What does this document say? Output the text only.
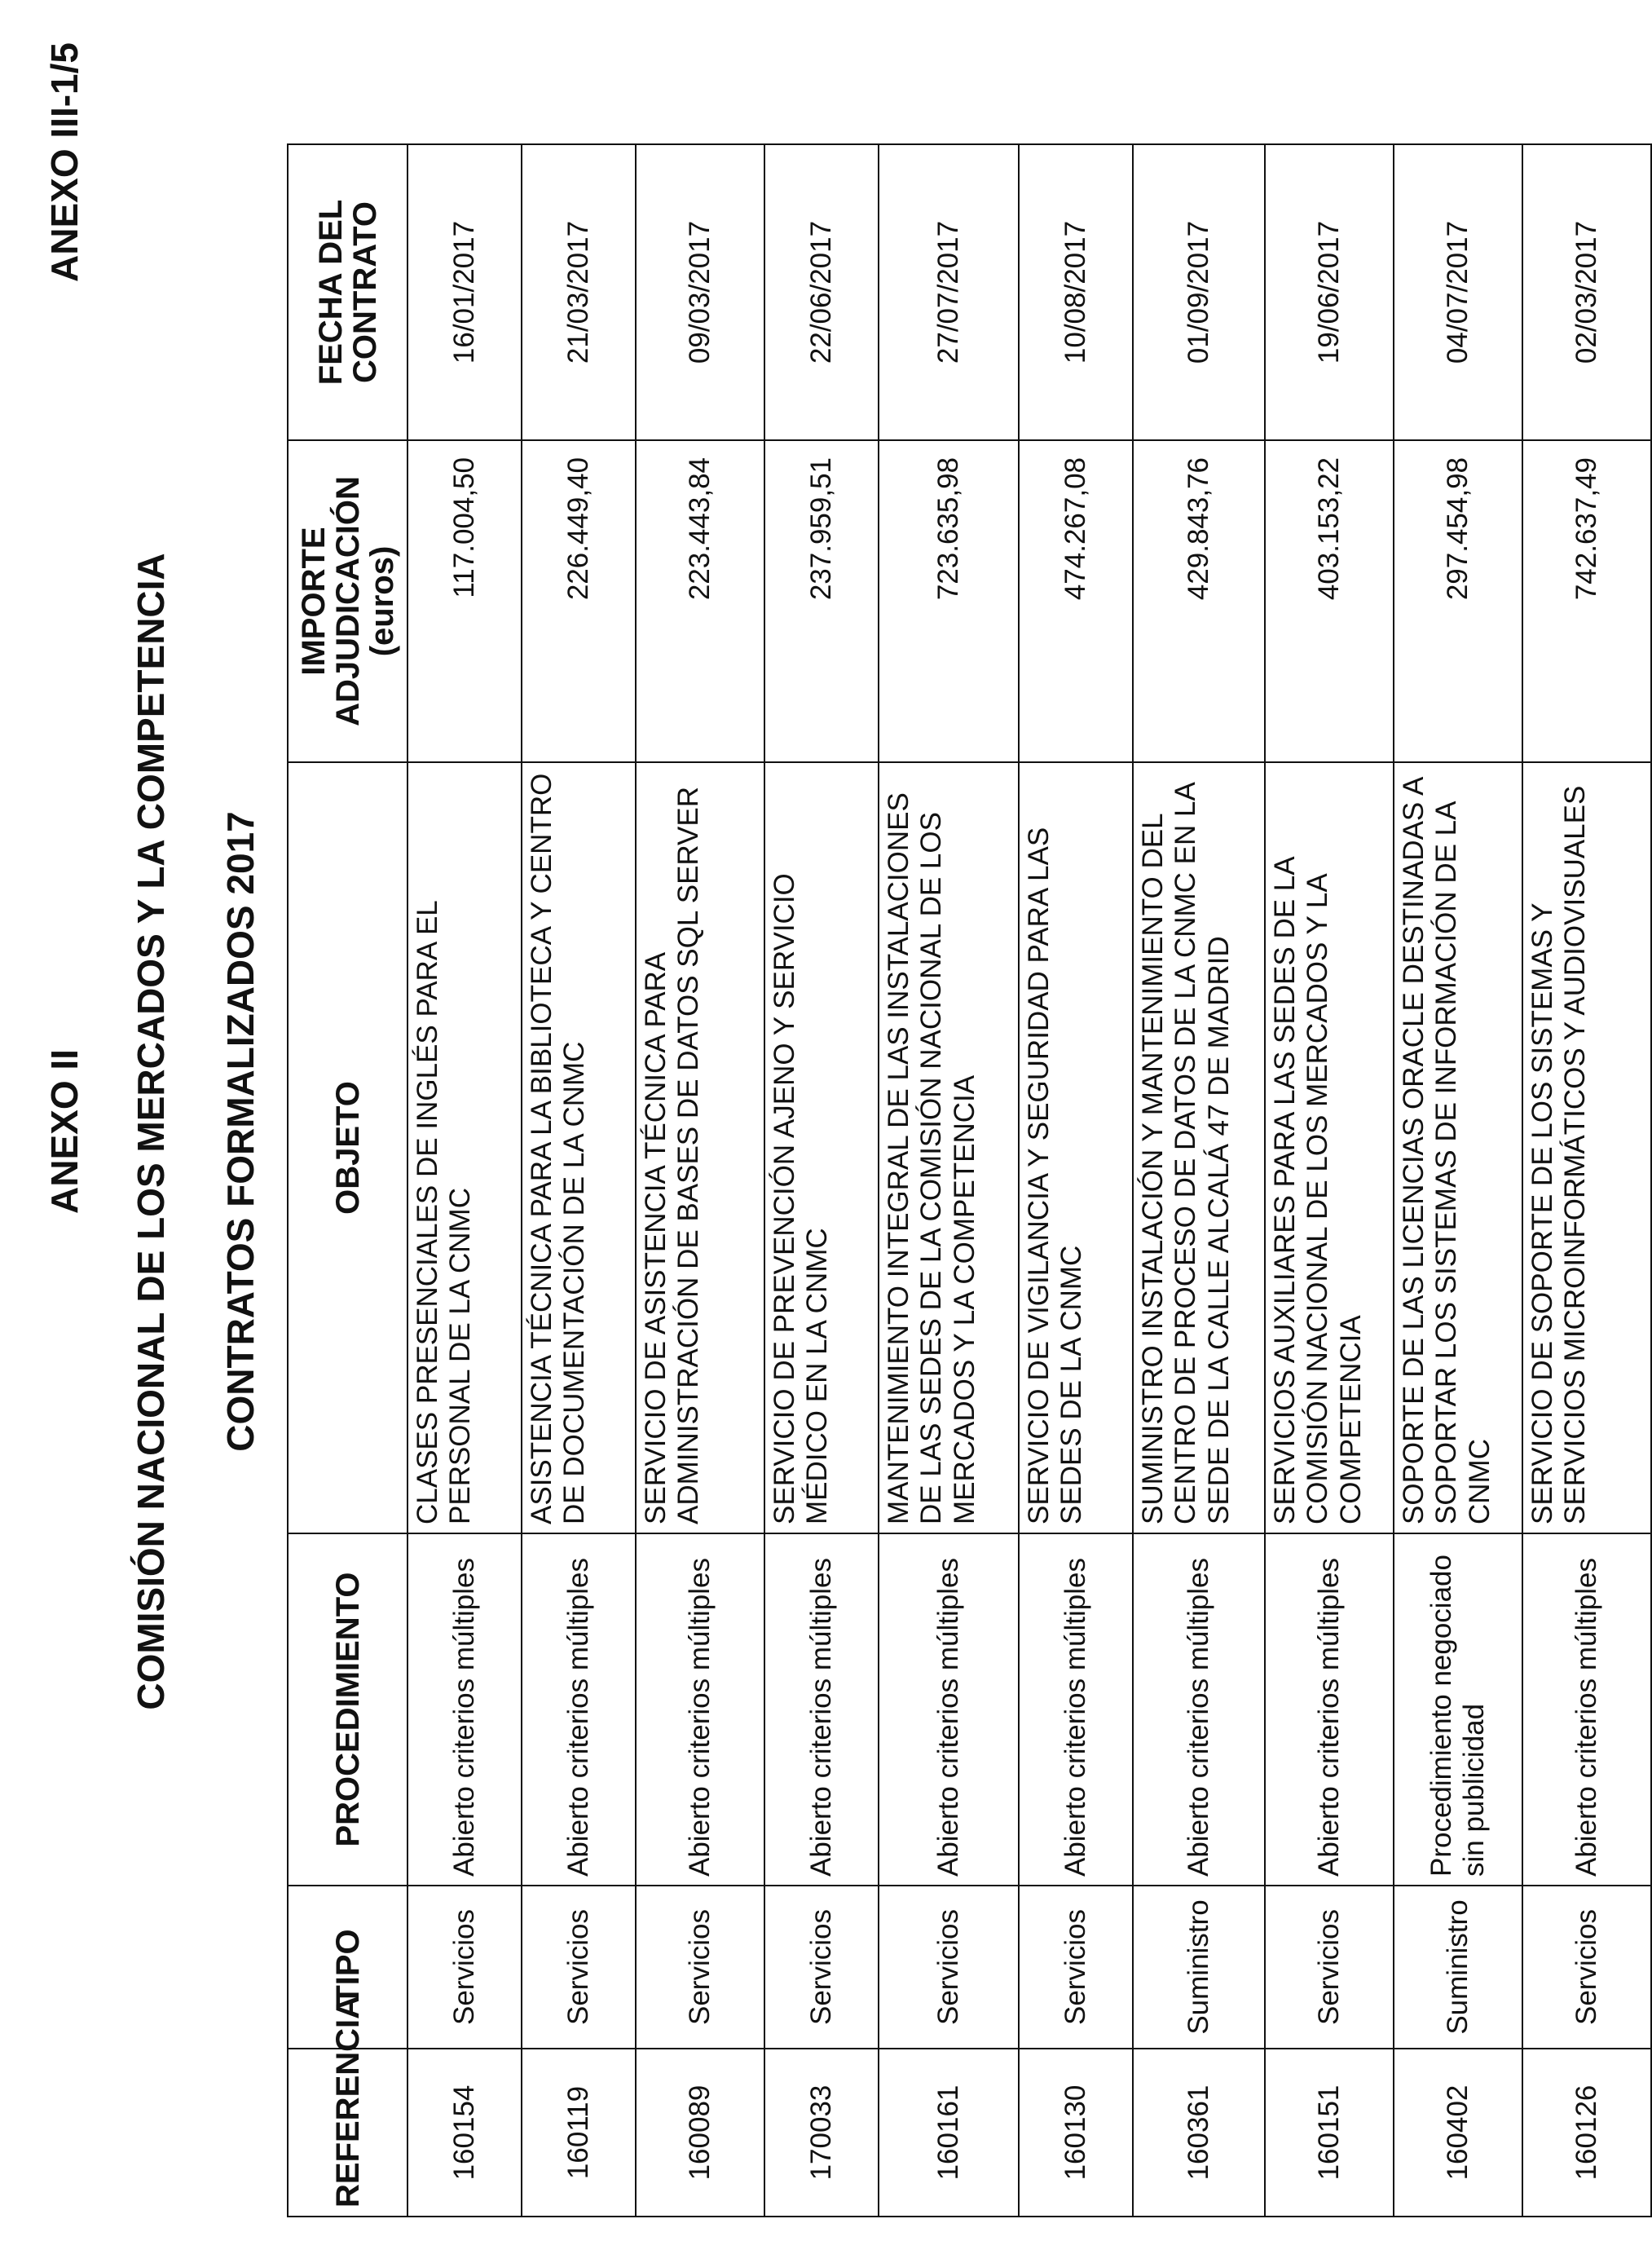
ANEXO II
ANEXO III-1/5
COMISIÓN NACIONAL DE LOS MERCADOS Y LA COMPETENCIA CONTRATOS FORMALIZADOS 2017
REFERENCIA	TIPO	PROCEDIMIENTO	OBJETO	IMPORTE
ADJUDICACIÓN
(euros)	FECHA DEL
CONTRATO
160154	Servicios	Abierto criterios múltiples	CLASES PRESENCIALES DE INGLÉS PARA EL PERSONAL DE LA CNMC	117.004,50	16/01/2017
160119	Servicios	Abierto criterios múltiples	ASISTENCIA TÉCNICA PARA LA BIBLIOTECA Y CENTRO DE DOCUMENTACIÓN DE LA CNMC	226.449,40	21/03/2017
160089	Servicios	Abierto criterios múltiples	SERVICIO DE ASISTENCIA TÉCNICA PARA ADMINISTRACIÓN DE BASES DE DATOS SQL SERVER	223.443,84	09/03/2017
170033	Servicios	Abierto criterios múltiples	SERVICIO DE PREVENCIÓN AJENO Y SERVICIO MÉDICO EN LA CNMC	237.959,51	22/06/2017
160161	Servicios	Abierto criterios múltiples	MANTENIMIENTO INTEGRAL DE LAS INSTALACIONES DE LAS SEDES DE LA COMISIÓN NACIONAL DE LOS MERCADOS Y LA COMPETENCIA	723.635,98	27/07/2017
160130	Servicios	Abierto criterios múltiples	SERVICIO DE VIGILANCIA Y SEGURIDAD PARA LAS SEDES DE LA CNMC	474.267,08	10/08/2017
160361	Suministro	Abierto criterios múltiples	SUMINISTRO INSTALACIÓN Y MANTENIMIENTO DEL CENTRO DE PROCESO DE DATOS DE LA CNMC EN LA SEDE DE LA CALLE ALCALÁ 47 DE MADRID	429.843,76	01/09/2017
160151	Servicios	Abierto criterios múltiples	SERVICIOS AUXILIARES PARA LAS SEDES DE LA COMISIÓN NACIONAL DE LOS MERCADOS Y LA COMPETENCIA	403.153,22	19/06/2017
160402	Suministro	Procedimiento negociado sin publicidad	SOPORTE DE LAS LICENCIAS ORACLE DESTINADAS A SOPORTAR LOS SISTEMAS DE INFORMACIÓN DE LA CNMC	297.454,98	04/07/2017
160126	Servicios	Abierto criterios múltiples	SERVICIO DE SOPORTE DE LOS SISTEMAS Y SERVICIOS MICROINFORMÁTICOS Y AUDIOVISUALES	742.637,49	02/03/2017
